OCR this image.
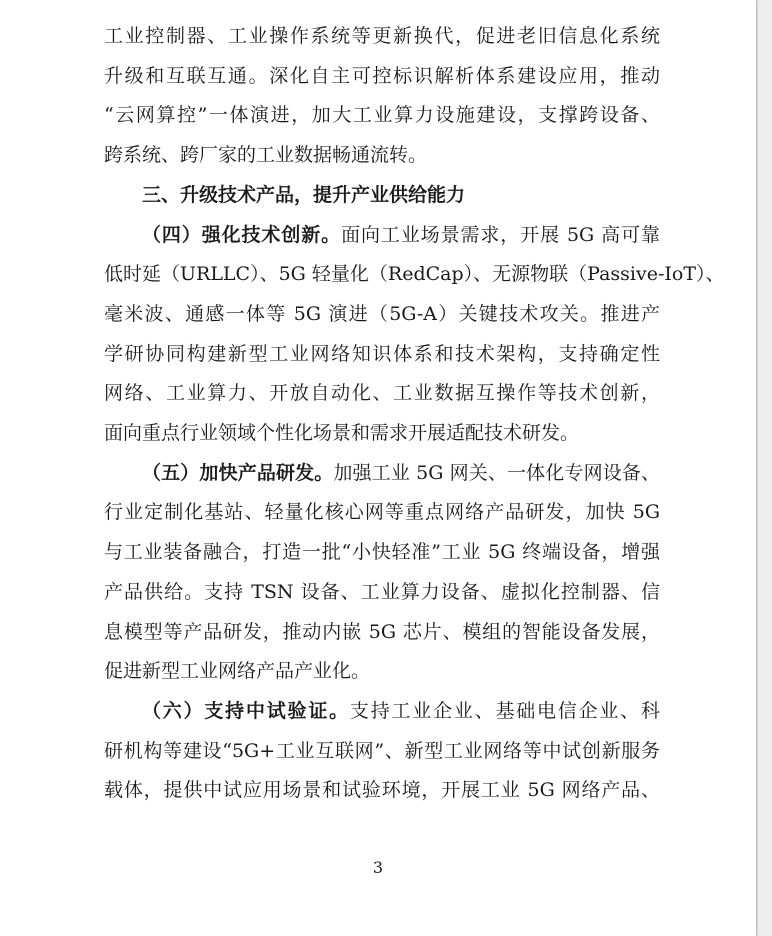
工业控制器、工业操作系统等更新换代，促进老旧信息化系统
升级和互联互通。深化自主可控标识解析体系建设应用，推动
“云网算控”一体演进，加大工业算力设施建设，支撑跨设备、
跨系统、跨厂家的工业数据畅通流转。
三、升级技术产品，提升产业供给能力
（四）强化技术创新。面向工业场景需求，开展 5G 高可靠
低时延（URLLC）、5G 轻量化（RedCap）、无源物联（Passive-IoT）、
毫米波、通感一体等 5G 演进（5G-A）关键技术攻关。推进产
学研协同构建新型工业网络知识体系和技术架构，支持确定性
网络、工业算力、开放自动化、工业数据互操作等技术创新，
面向重点行业领域个性化场景和需求开展适配技术研发。
（五）加快产品研发。加强工业 5G 网关、一体化专网设备、
行业定制化基站、轻量化核心网等重点网络产品研发，加快 5G
与工业装备融合，打造一批“小快轻准”工业 5G 终端设备，增强
产品供给。支持 TSN 设备、工业算力设备、虚拟化控制器、信
息模型等产品研发，推动内嵌 5G 芯片、模组的智能设备发展，
促进新型工业网络产品产业化。
（六）支持中试验证。支持工业企业、基础电信企业、科
研机构等建设“5G+工业互联网”、新型工业网络等中试创新服务
载体，提供中试应用场景和试验环境，开展工业 5G 网络产品、
3
